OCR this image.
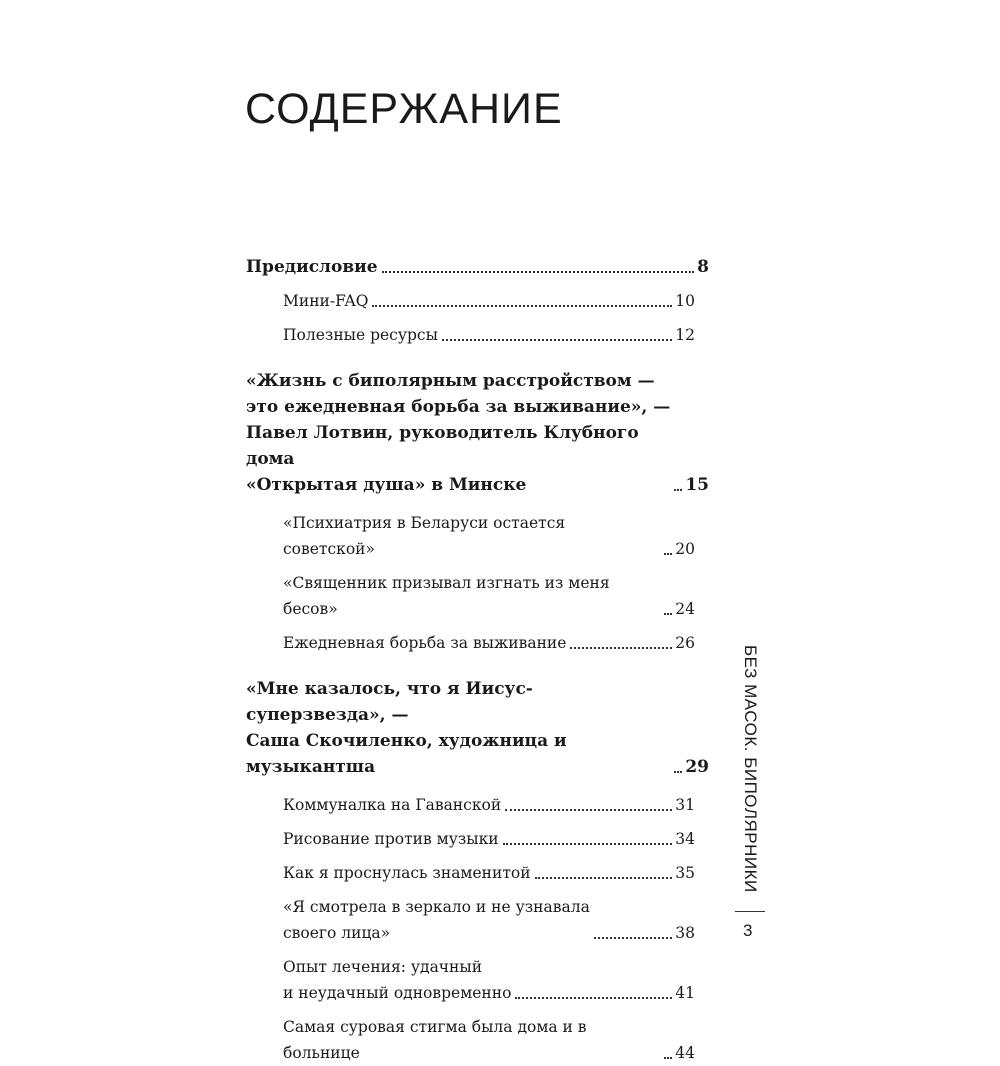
СОДЕРЖАНИЕ
Предисловие	8
Мини-FAQ	10
Полезные ресурсы	12
«Жизнь с биполярным расстройством —
это ежедневная борьба за выживание», —
Павел Лотвин, руководитель Клубного дома
«Открытая душа» в Минске	15
«Психиатрия в Беларуси остается советской»	20
«Священник призывал изгнать из меня бесов»	24
Ежедневная борьба за выживание	26
«Мне казалось, что я Иисус-суперзвезда», —
Саша Скочиленко, художница и музыкантша	29
Коммуналка на Гаванской	31
Рисование против музыки	34
Как я проснулась знаменитой	35
«Я смотрела в зеркало и не узнавала
своего лица»	38
Опыт лечения: удачный
и неудачный одновременно	41
Самая суровая стигма была дома и в больнице	44
БЕЗ МАСОК. БИПОЛЯРНИКИ
3
